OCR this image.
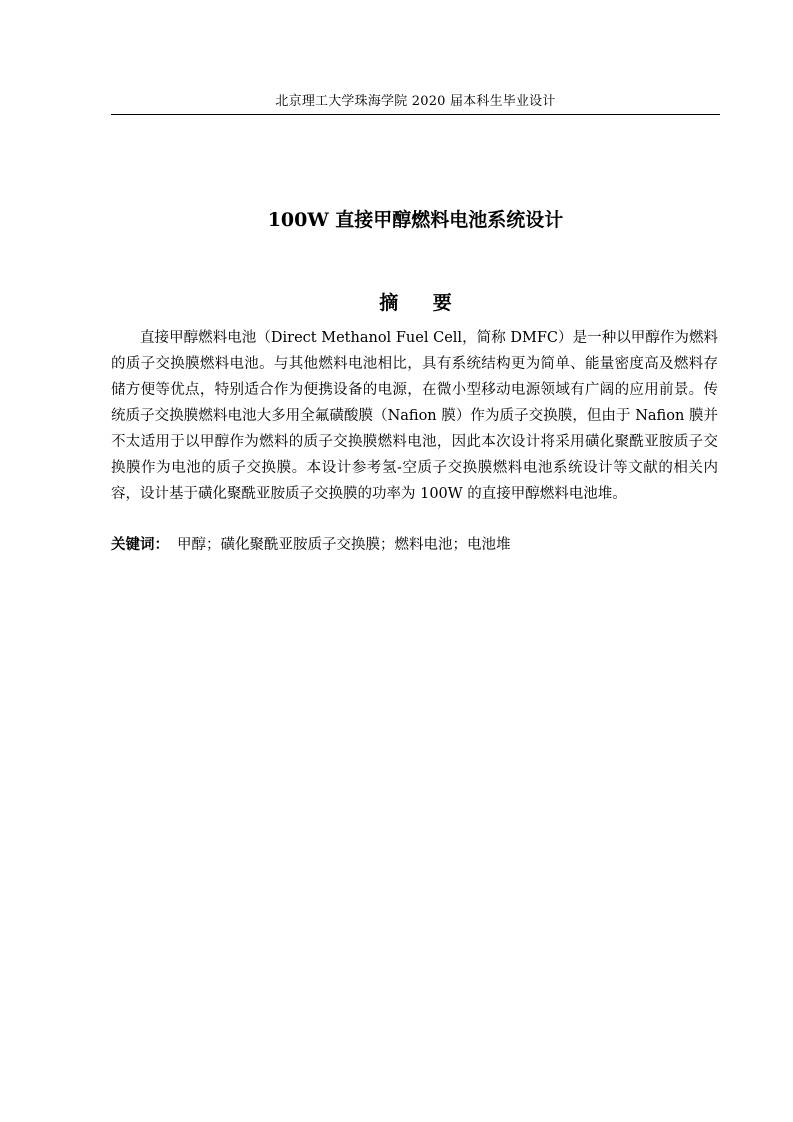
北京理工大学珠海学院 2020 届本科生毕业设计
100W 直接甲醇燃料电池系统设计
摘 要

直接甲醇燃料电池（Direct Methanol Fuel Cell，简称 DMFC）是一种以甲醇作为燃料的质子交换膜燃料电池。与其他燃料电池相比，具有系统结构更为简单、能量密度高及燃料存储方便等优点，特别适合作为便携设备的电源，在微小型移动电源领域有广阔的应用前景。传统质子交换膜燃料电池大多用全氟磺酸膜（Nafion 膜）作为质子交换膜，但由于 Nafion 膜并不太适用于以甲醇作为燃料的质子交换膜燃料电池，因此本次设计将采用磺化聚酰亚胺质子交换膜作为电池的质子交换膜。本设计参考氢-空质子交换膜燃料电池系统设计等文献的相关内容，设计基于磺化聚酰亚胺质子交换膜的功率为 100W 的直接甲醇燃料电池堆。

关键词： 甲醇；磺化聚酰亚胺质子交换膜；燃料电池；电池堆
